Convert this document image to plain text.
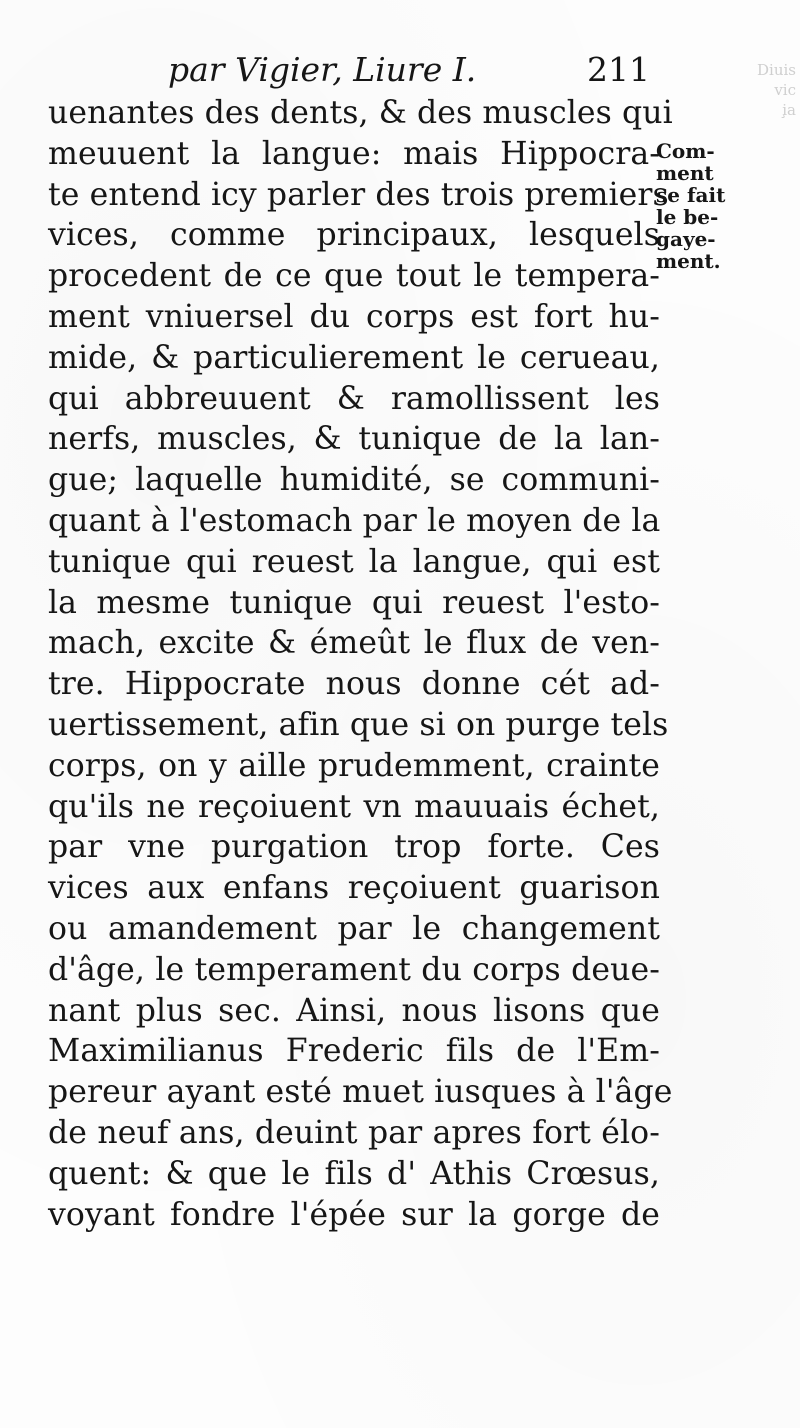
par Vigier, Liure I.	211
uenantes des dents, & des muscles qui
meuuent la langue: mais Hippocra-
te entend icy parler des trois premiers
vices, comme principaux, lesquels
procedent de ce que tout le tempera-
ment vniuersel du corps est fort hu-
mide, & particulierement le cerueau,
qui abbreuuent & ramollissent les
nerfs, muscles, & tunique de la lan-
gue; laquelle humidité, se communi-
quant à l'estomach par le moyen de la
tunique qui reuest la langue, qui est
la mesme tunique qui reuest l'esto-
mach, excite & émeût le flux de ven-
tre. Hippocrate nous donne cét ad-
uertissement, afin que si on purge tels
corps, on y aille prudemment, crainte
qu'ils ne reçoiuent vn mauuais échet,
par vne purgation trop forte. Ces
vices aux enfans reçoiuent guarison
ou amandement par le changement
d'âge, le temperament du corps deue-
nant plus sec. Ainsi, nous lisons que
Maximilianus Frederic fils de l'Em-
pereur ayant esté muet iusques à l'âge
de neuf ans, deuint par apres fort élo-
quent: & que le fils d' Athis Crœsus,
voyant fondre l'épée sur la gorge de
Com-
ment
se fait
le be-
gaye-
ment.
Diuis
vic
i̧a
